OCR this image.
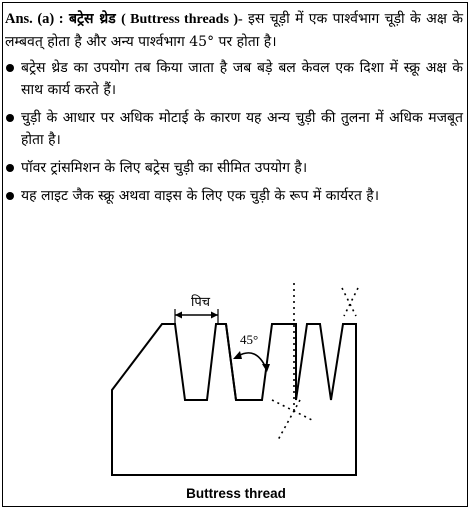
Ans. (a) : बट्रेस थ्रेड ( Buttress threads )- इस चूड़ी में एक पार्श्वभाग चूड़ी के अक्ष के लम्बवत् होता है और अन्य पार्श्वभाग 45° पर होता है।

बट्रेस थ्रेड का उपयोग तब किया जाता है जब बड़े बल केवल एक दिशा में स्क्रू अक्ष के साथ कार्य करते हैं।
चुड़ी के आधार पर अधिक मोटाई के कारण यह अन्य चुड़ी की तुलना में अधिक मजबूत होता है।
पॉवर ट्रांसमिशन के लिए बट्रेस चुड़ी का सीमित उपयोग है।
यह लाइट जैक स्क्रू अथवा वाइस के लिए एक चुड़ी के रूप में कार्यरत है।
पिच
45°
Buttress thread
